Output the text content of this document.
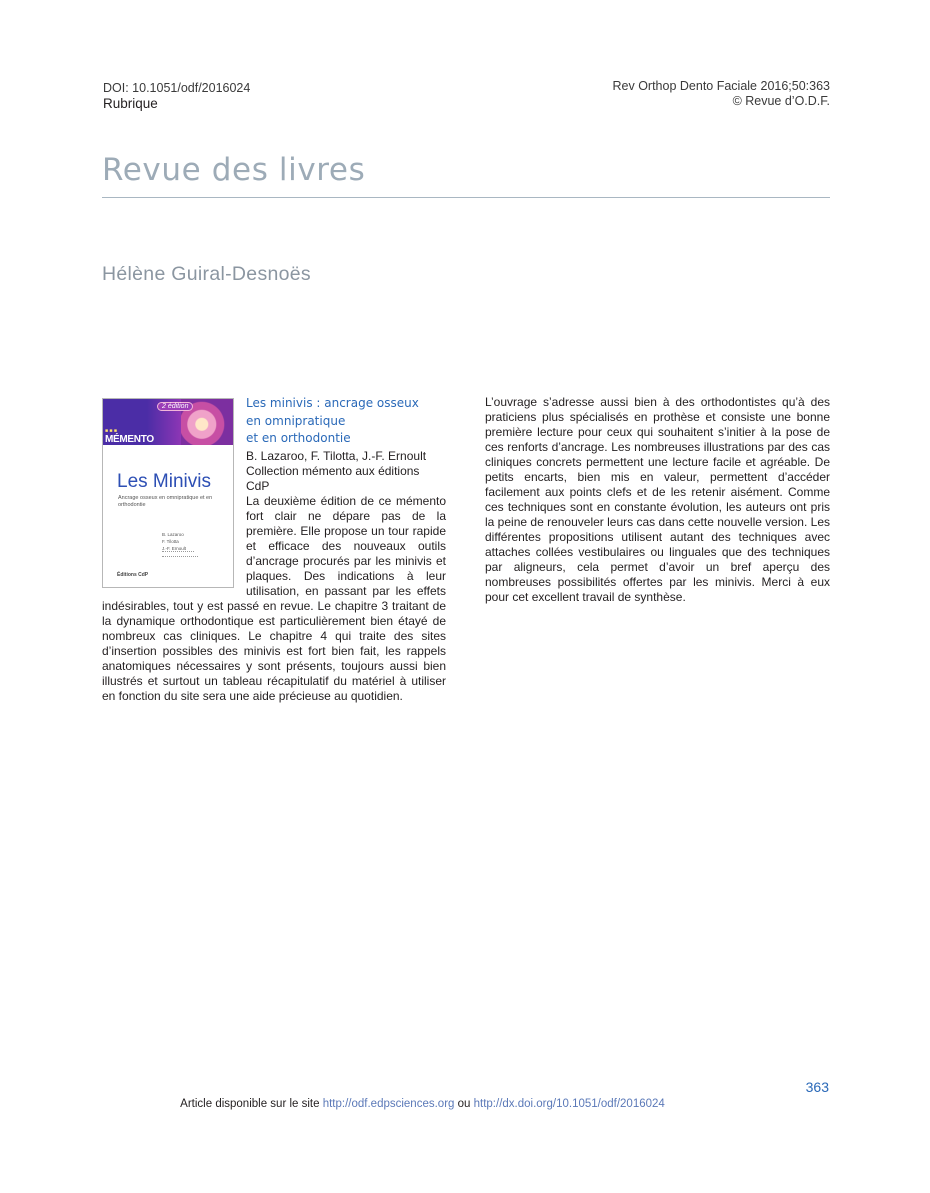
DOI: 10.1051/odf/2016024
Rubrique
Rev Orthop Dento Faciale 2016;50:363
© Revue d’O.D.F.
Revue des livres
Hélène Guiral-Desnoës
2 édition
■ ■ ■
MÉMENTO
Les Minivis
Ancrage osseux en omnipratique et en orthodontie
B. Lazaroo
F. Tilotta
J.-F. Ernoult
Éditions CdP
Les minivis : ancrage osseux
en omnipratique
et en orthodontie
B. Lazaroo, F. Tilotta, J.-F. Ernoult
Collection mémento aux éditions CdP

La deuxième édition de ce mémento fort clair ne dépare pas de la première. Elle propose un tour rapide et efficace des nouveaux outils d’ancrage procurés par les minivis et plaques. Des indications à leur utilisation, en passant par les effets indésirables, tout y est passé en revue. Le chapitre 3 traitant de la dynamique orthodontique est particulièrement bien étayé de nombreux cas cliniques. Le chapitre 4 qui traite des sites d’insertion possibles des minivis est fort bien fait, les rappels anatomiques nécessaires y sont présents, toujours aussi bien illustrés et surtout un tableau récapitulatif du matériel à utiliser en fonction du site sera une aide précieuse au quotidien.

L’ouvrage s’adresse aussi bien à des orthodontistes qu’à des praticiens plus spécialisés en prothèse et consiste une bonne première lecture pour ceux qui souhaitent s’initier à la pose de ces renforts d’ancrage. Les nombreuses illustrations par des cas cliniques concrets permettent une lecture facile et agréable. De petits encarts, bien mis en valeur, permettent d’accéder facilement aux points clefs et de les retenir aisément. Comme ces techniques sont en constante évolution, les auteurs ont pris la peine de renouveler leurs cas dans cette nouvelle version. Les différentes propositions utilisent autant des techniques avec attaches collées vestibulaires ou linguales que des techniques par aligneurs, cela permet d’avoir un bref aperçu des nombreuses possibilités offertes par les minivis. Merci à eux pour cet excellent travail de synthèse.

363
Article disponible sur le site http://odf.edpsciences.org ou http://dx.doi.org/10.1051/odf/2016024
